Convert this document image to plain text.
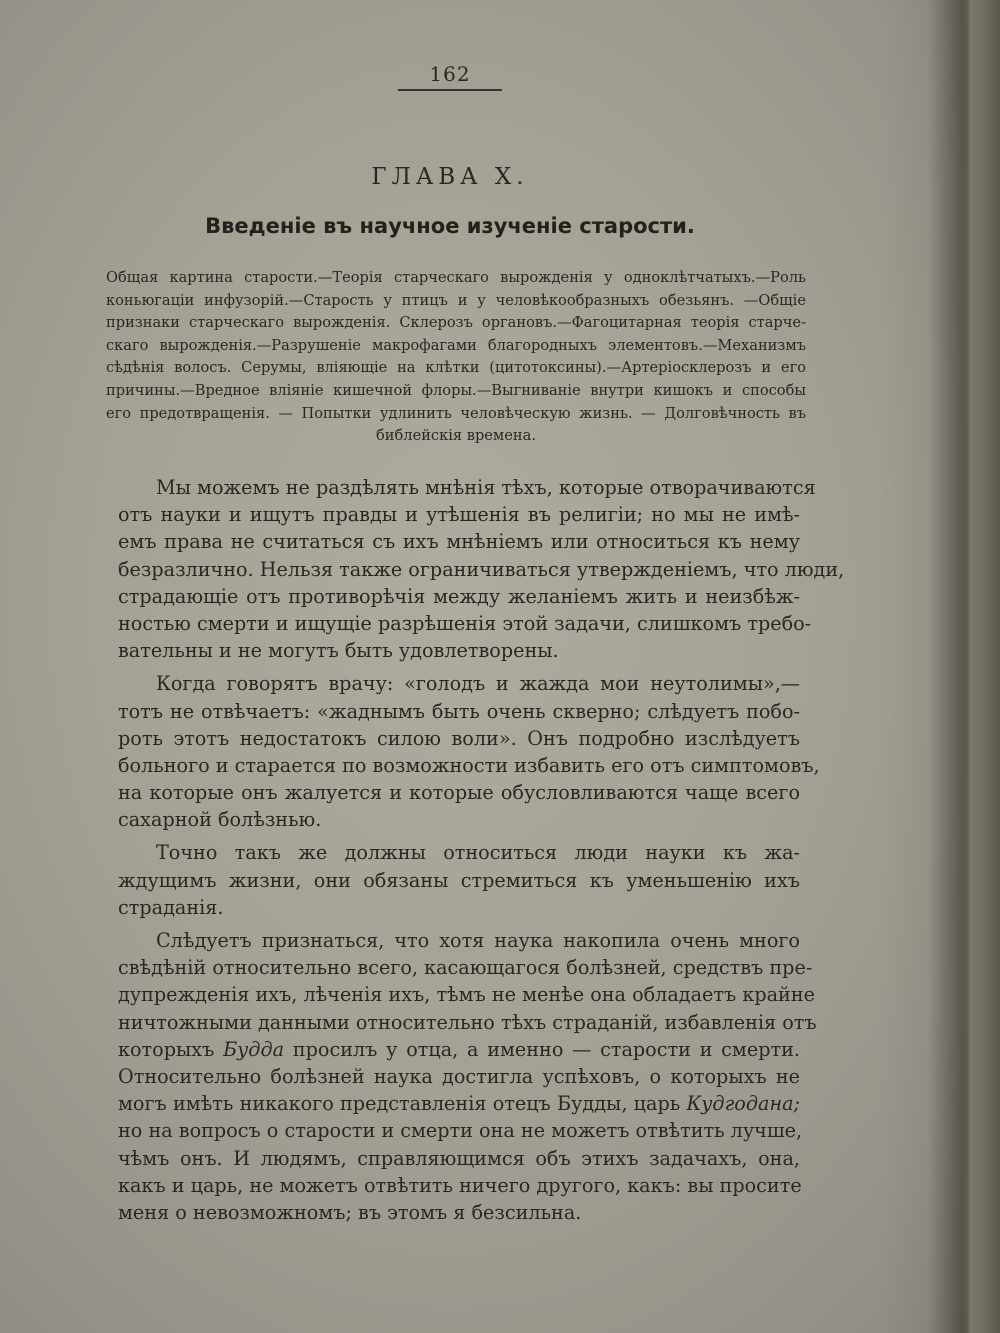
162
ГЛАВА X.
Введеніе въ научное изученіе старости.
Общая картина старости.—Теорія старческаго вырожденія у одноклѣтчатыхъ.—Роль
коньюгаціи инфузорій.—Старость у птицъ и у человѣкообразныхъ обезьянъ. —Общіе
признаки старческаго вырожденія. Склерозъ органовъ.—Фагоцитарная теорія старче-
скаго вырожденія.—Разрушеніе макрофагами благородныхъ элементовъ.—Механизмъ
сѣдѣнія волосъ. Серумы, вліяющіе на клѣтки (цитотоксины).—Артеріосклерозъ и его
причины.—Вредное вліяніе кишечной флоры.—Выгниваніе внутри кишокъ и способы
его предотвращенія. — Попытки удлинить человѣческую жизнь. — Долговѣчность въ
библейскія времена.
Мы можемъ не раздѣлять мнѣнія тѣхъ, которые отворачиваются
отъ науки и ищутъ правды и утѣшенія въ религіи; но мы не имѣ-
емъ права не считаться съ ихъ мнѣніемъ или относиться къ нему
безразлично. Нельзя также ограничиваться утвержденіемъ, что люди,
страдающіе отъ противорѣчія между желаніемъ жить и неизбѣж-
ностью смерти и ищущіе разрѣшенія этой задачи, слишкомъ требо-
вательны и не могутъ быть удовлетворены.
Когда говорятъ врачу: «голодъ и жажда мои неутолимы»,—
тотъ не отвѣчаетъ: «жаднымъ быть очень скверно; слѣдуетъ побо-
роть этотъ недостатокъ силою воли». Онъ подробно изслѣдуетъ
больного и старается по возможности избавить его отъ симптомовъ,
на которые онъ жалуется и которые обусловливаются чаще всего
сахарной болѣзнью.
Точно такъ же должны относиться люди науки къ жа-
ждущимъ жизни, они обязаны стремиться къ уменьшенію ихъ
страданія.
Слѣдуетъ признаться, что хотя наука накопила очень много
свѣдѣній относительно всего, касающагося болѣзней, средствъ пре-
дупрежденія ихъ, лѣченія ихъ, тѣмъ не менѣе она обладаетъ крайне
ничтожными данными относительно тѣхъ страданій, избавленія отъ
которыхъ Будда просилъ у отца, а именно — старости и смерти.
Относительно болѣзней наука достигла успѣховъ, о которыхъ не
могъ имѣть никакого представленія отецъ Будды, царь Кудгодана;
но на вопросъ о старости и смерти она не можетъ отвѣтить лучше,
чѣмъ онъ. И людямъ, справляющимся объ этихъ задачахъ, она,
какъ и царь, не можетъ отвѣтить ничего другого, какъ: вы просите
меня о невозможномъ; въ этомъ я безсильна.
